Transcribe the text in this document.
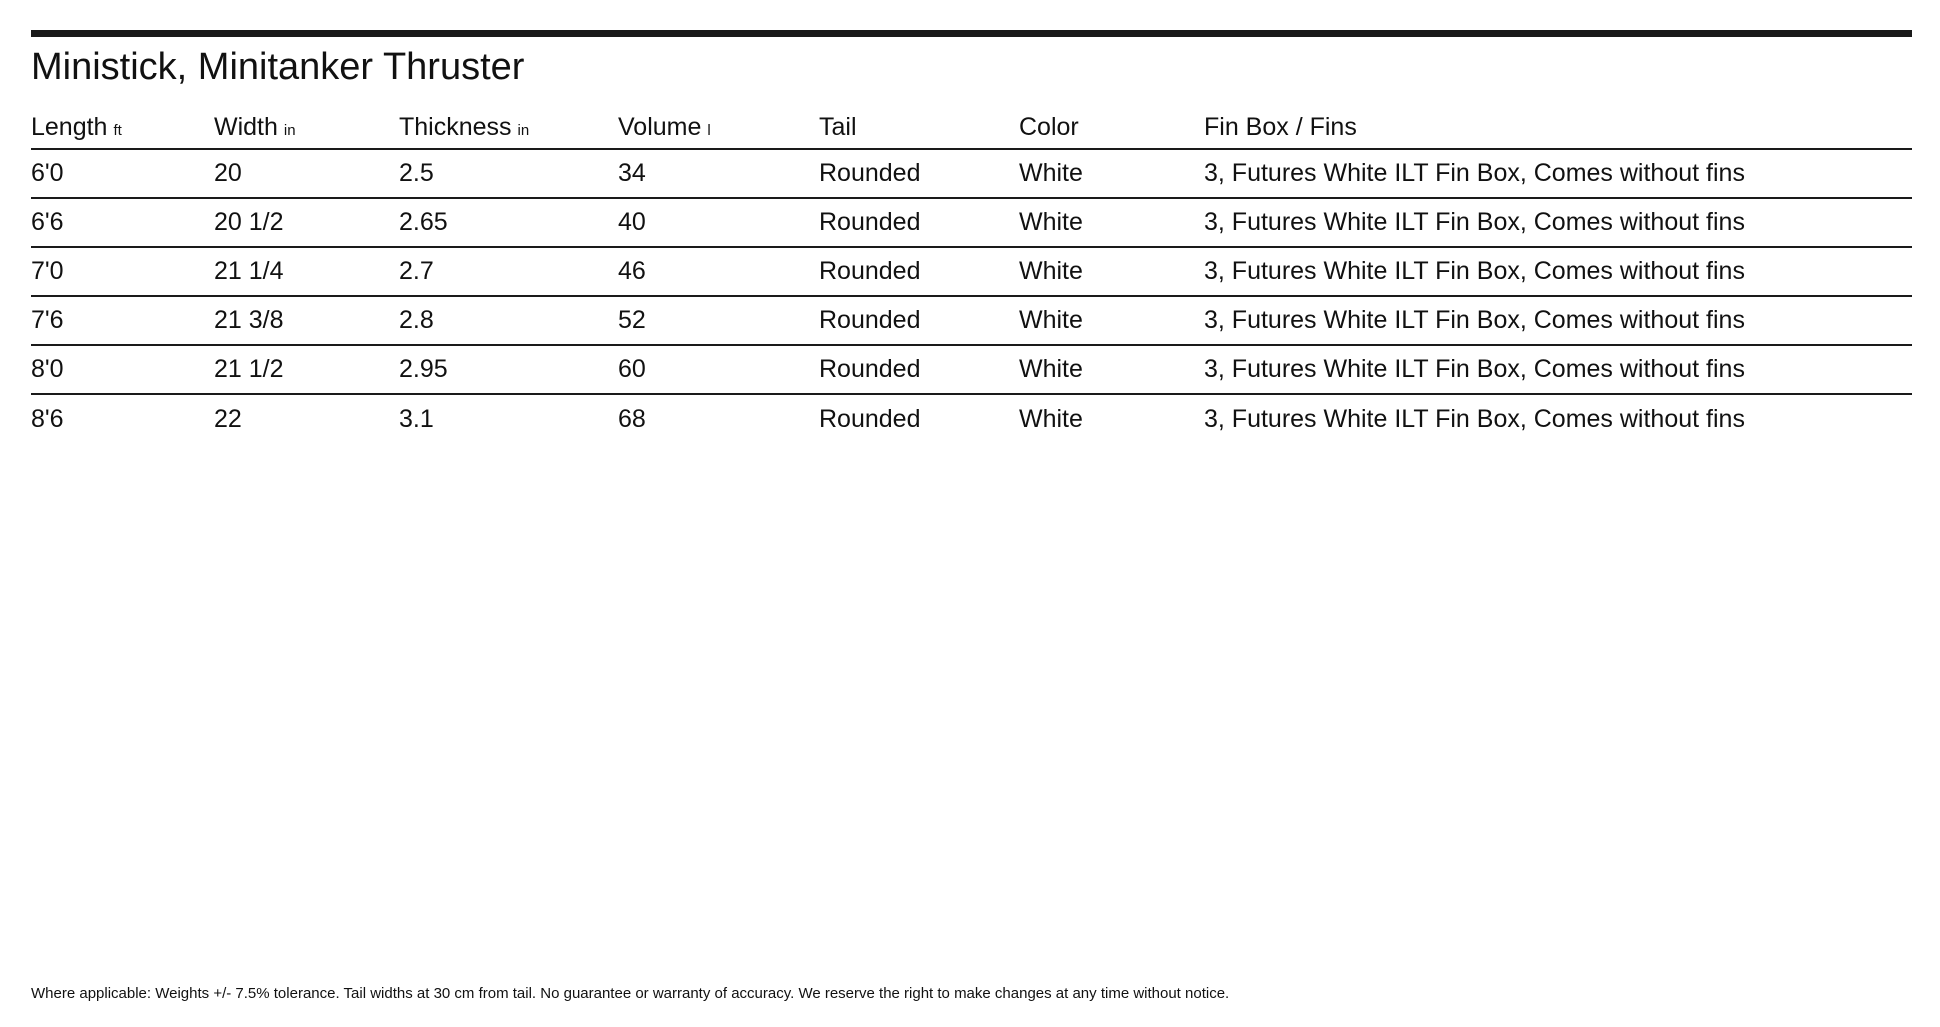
Ministick, Minitanker Thruster
Length ft	Width in	Thickness in	Volume l	Tail	Color	Fin Box / Fins
6'0	20	2.5	34	Rounded	White	3, Futures White ILT Fin Box, Comes without fins
6'6	20 1/2	2.65	40	Rounded	White	3, Futures White ILT Fin Box, Comes without fins
7'0	21 1/4	2.7	46	Rounded	White	3, Futures White ILT Fin Box, Comes without fins
7'6	21 3/8	2.8	52	Rounded	White	3, Futures White ILT Fin Box, Comes without fins
8'0	21 1/2	2.95	60	Rounded	White	3, Futures White ILT Fin Box, Comes without fins
8'6	22	3.1	68	Rounded	White	3, Futures White ILT Fin Box, Comes without fins
Where applicable: Weights +/- 7.5% tolerance. Tail widths at 30 cm from tail. No guarantee or warranty of accuracy. We reserve the right to make changes at any time without notice.
